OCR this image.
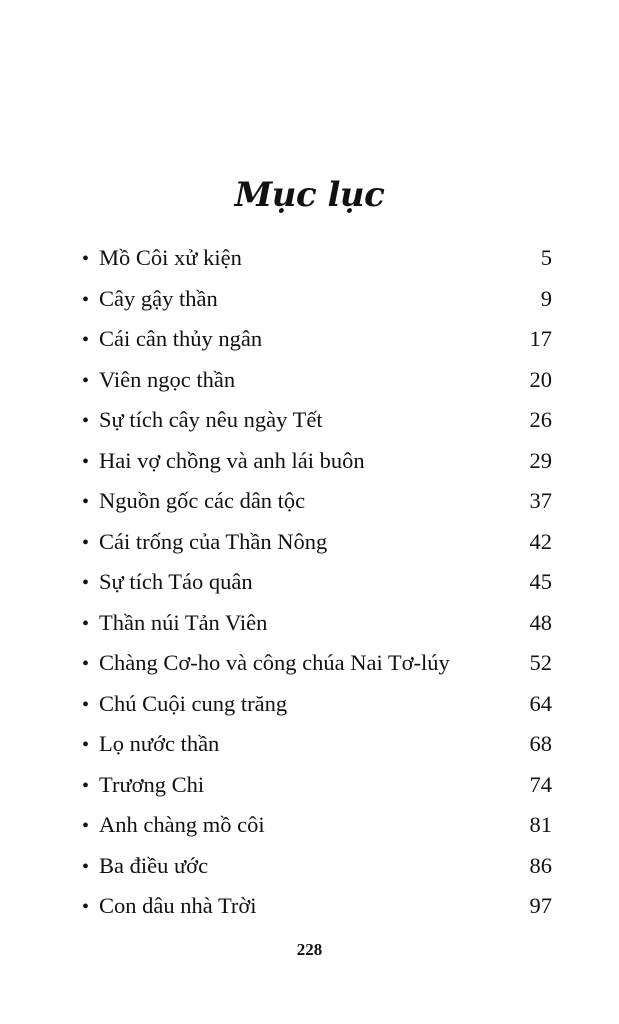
Mục lục
• Mồ Côi xử kiện	5
• Cây gậy thần	9
• Cái cân thủy ngân	17
• Viên ngọc thần	20
• Sự tích cây nêu ngày Tết	26
• Hai vợ chồng và anh lái buôn	29
• Nguồn gốc các dân tộc	37
• Cái trống của Thần Nông	42
• Sự tích Táo quân	45
• Thần núi Tản Viên	48
• Chàng Cơ-ho và công chúa Nai Tơ-lúy	52
• Chú Cuội cung trăng	64
• Lọ nước thần	68
• Trương Chi	74
• Anh chàng mồ côi	81
• Ba điều ước	86
• Con dâu nhà Trời	97
228
